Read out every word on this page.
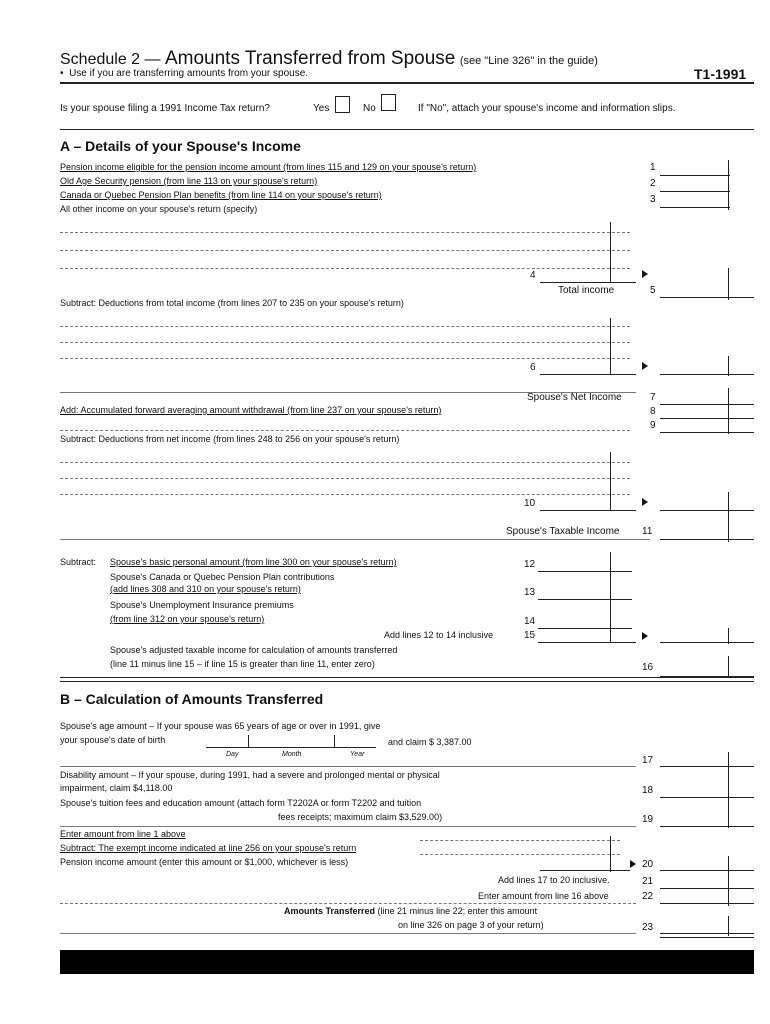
Schedule 2 — Amounts Transferred from Spouse (see "Line 326" in the guide)
•  Use if you are transferring amounts from your spouse.	T1-1991
Is your spouse filing a 1991 Income Tax return?	Yes	No	If "No", attach your spouse's income and information slips.
A – Details of your Spouse's Income
Pension income eligible for the pension income amount (from lines 115 and 129 on your spouse's return)	1
Old Age Security pension (from line 113 on your spouse's return)	2
Canada or Quebec Pension Plan benefits (from line 114 on your spouse's return)	3
All other income on your spouse's return (specify)
4
Total income	5
Subtract: Deductions from total income (from lines 207 to 235 on your spouse's return)
6
Spouse's Net Income	7
Add: Accumulated forward averaging amount withdrawal (from line 237 on your spouse's return)	8
9
Subtract: Deductions from net income (from lines 248 to 256 on your spouse's return)
10
Spouse's Taxable Income 11
Subtract: Spouse's basic personal amount (from line 300 on your spouse's return)	12
Spouse's Canada or Quebec Pension Plan contributions
(add lines 308 and 310 on your spouse's return)	13
Spouse's Unemployment Insurance premiums
(from line 312 on your spouse's return)	14
Add lines 12 to 14 inclusive	15
Spouse's adjusted taxable income for calculation of amounts transferred
(line 11 minus line 15 – if line 15 is greater than line 11, enter zero)	16
B – Calculation of Amounts Transferred
Spouse's age amount – If your spouse was 65 years of age or over in 1991, give
your spouse's date of birth	and claim $ 3,387.00
Day	Month	Year
17
Disability amount – If your spouse, during 1991, had a severe and prolonged mental or physical
impairment, claim $4,118.00	18
Spouse's tuition fees and education amount (attach form T2202A or form T2202 and tuition
fees receipts; maximum claim $3,529.00)	19
Enter amount from line 1 above
Subtract: The exempt income indicated at line 256 on your spouse's return
Pension income amount (enter this amount or $1,000, whichever is less)	20
Add lines 17 to 20 inclusive.	21
Enter amount from line 16 above	22
Amounts Transferred (line 21 minus line 22; enter this amount
on line 326 on page 3 of your return)	23
